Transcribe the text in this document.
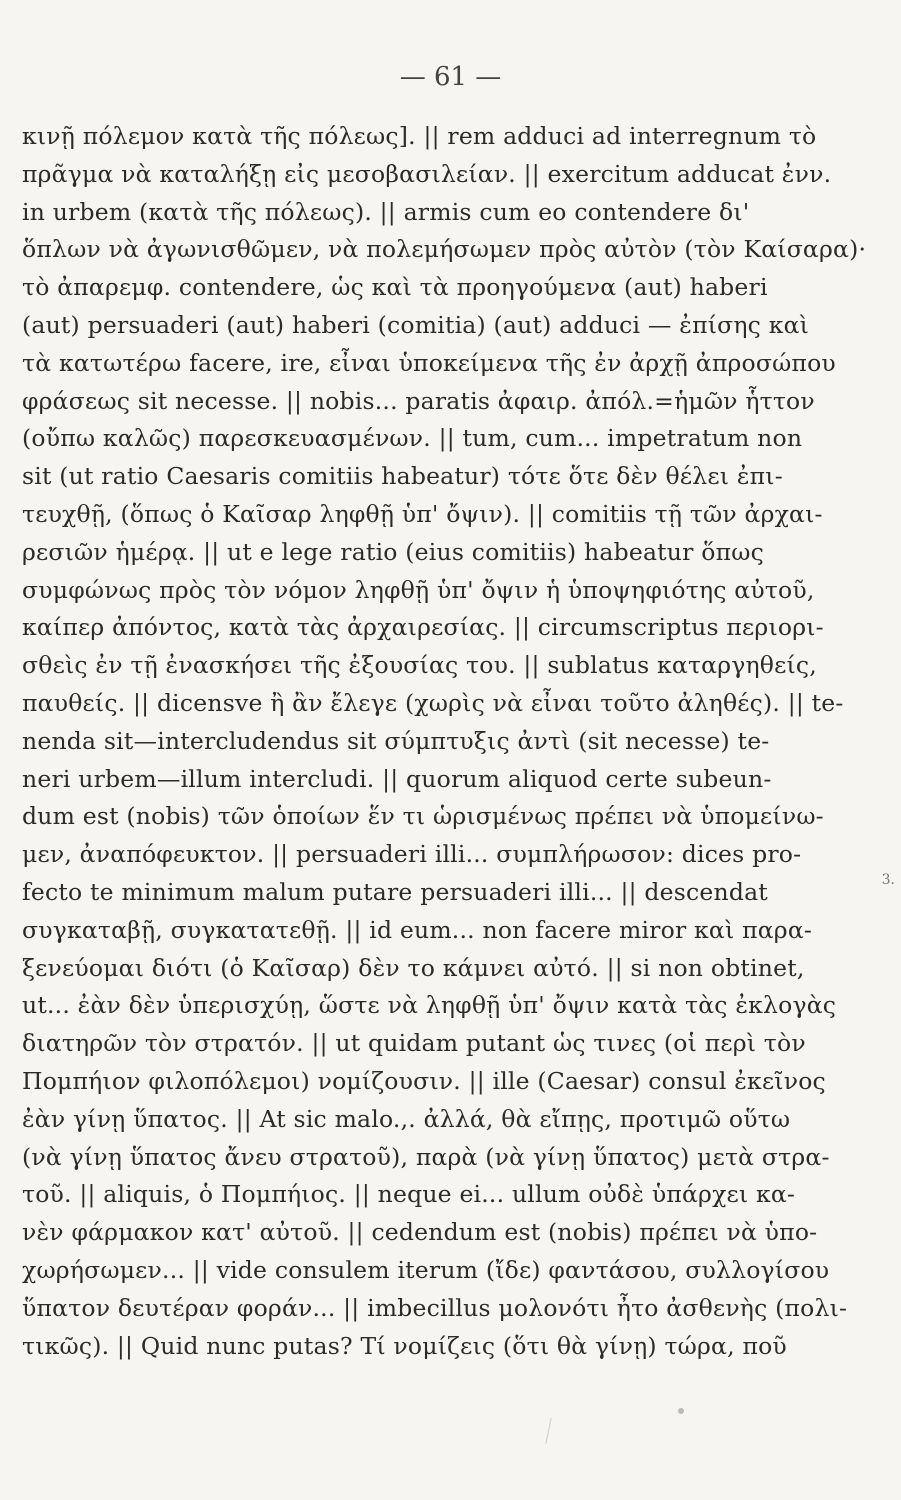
— 61 —
κινῇ πόλεμον κατὰ τῆς πόλεως]. || rem adduci ad interregnum τὸ
πρᾶγμα νὰ καταλήξῃ εἰς μεσοβασιλείαν. || exercitum adducat ἐνν.
in urbem (κατὰ τῆς πόλεως). || armis cum eo contendere δι'
ὅπλων νὰ ἀγωνισθῶμεν, νὰ πολεμήσωμεν πρὸς αὐτὸν (τὸν Καίσαρα)·
τὸ ἀπαρεμφ. contendere, ὡς καὶ τὰ προηγούμενα (aut) haberi
(aut) persuaderi (aut) haberi (comitia) (aut) adduci — ἐπίσης καὶ
τὰ κατωτέρω facere, ire, εἶναι ὑποκείμενα τῆς ἐν ἀρχῇ ἀπροσώπου
φράσεως sit necesse. || nobis... paratis ἀφαιρ. ἀπόλ.=ἡμῶν ἧττον
(οὔπω καλῶς) παρεσκευασμένων. || tum, cum... impetratum non
sit (ut ratio Caesaris comitiis habeatur) τότε ὅτε δὲν θέλει ἐπι-
τευχθῇ, (ὅπως ὁ Καῖσαρ ληφθῇ ὑπ' ὄψιν). || comitiis τῇ τῶν ἀρχαι-
ρεσιῶν ἡμέρᾳ. || ut e lege ratio (eius comitiis) habeatur ὅπως
συμφώνως πρὸς τὸν νόμον ληφθῇ ὑπ' ὄψιν ἡ ὑποψηφιότης αὐτοῦ,
καίπερ ἀπόντος, κατὰ τὰς ἀρχαιρεσίας. || circumscriptus περιορι-
σθεὶς ἐν τῇ ἐνασκήσει τῆς ἐξουσίας του. || sublatus καταργηθείς,
παυθείς. || dicensve ἢ ἂν ἔλεγε (χωρὶς νὰ εἶναι τοῦτο ἀληθές). || te-
nenda sit—intercludendus sit σύμπτυξις ἀντὶ (sit necesse) te-
neri urbem—illum intercludi. || quorum aliquod certe subeun-
dum est (nobis) τῶν ὁποίων ἕν τι ὡρισμένως πρέπει νὰ ὑπομείνω-
μεν, ἀναπόφευκτον. || persuaderi illi... συμπλήρωσον: dices pro-
fecto te minimum malum putare persuaderi illi... || descendat
συγκαταβῇ, συγκατατεθῇ. || id eum... non facere miror καὶ παρα-
ξενεύομαι διότι (ὁ Καῖσαρ) δὲν το κάμνει αὐτό. || si non obtinet,
ut... ἐὰν δὲν ὑπερισχύῃ, ὥστε νὰ ληφθῇ ὑπ' ὄψιν κατὰ τὰς ἐκλογὰς
διατηρῶν τὸν στρατόν. || ut quidam putant ὡς τινες (οἱ περὶ τὸν
Πομπήιον φιλοπόλεμοι) νομίζουσιν. || ille (Caesar) consul ἐκεῖνος
ἐὰν γίνῃ ὕπατος. || At sic malo.,. ἀλλά, θὰ εἴπῃς, προτιμῶ οὕτω
(νὰ γίνῃ ὕπατος ἄνευ στρατοῦ), παρὰ (νὰ γίνῃ ὕπατος) μετὰ στρα-
τοῦ. || aliquis, ὁ Πομπήιος. || neque ei... ullum οὐδὲ ὑπάρχει κα-
νὲν φάρμακον κατ' αὐτοῦ. || cedendum est (nobis) πρέπει νὰ ὑπο-
χωρήσωμεν... || vide consulem iterum (ἴδε) φαντάσου, συλλογίσου
ὕπατον δευτέραν φοράν... || imbecillus μολονότι ἦτο ἀσθενὴς (πολι-
τικῶς). || Quid nunc putas? Τί νομίζεις (ὅτι θὰ γίνῃ) τώρα, ποῦ
3.
